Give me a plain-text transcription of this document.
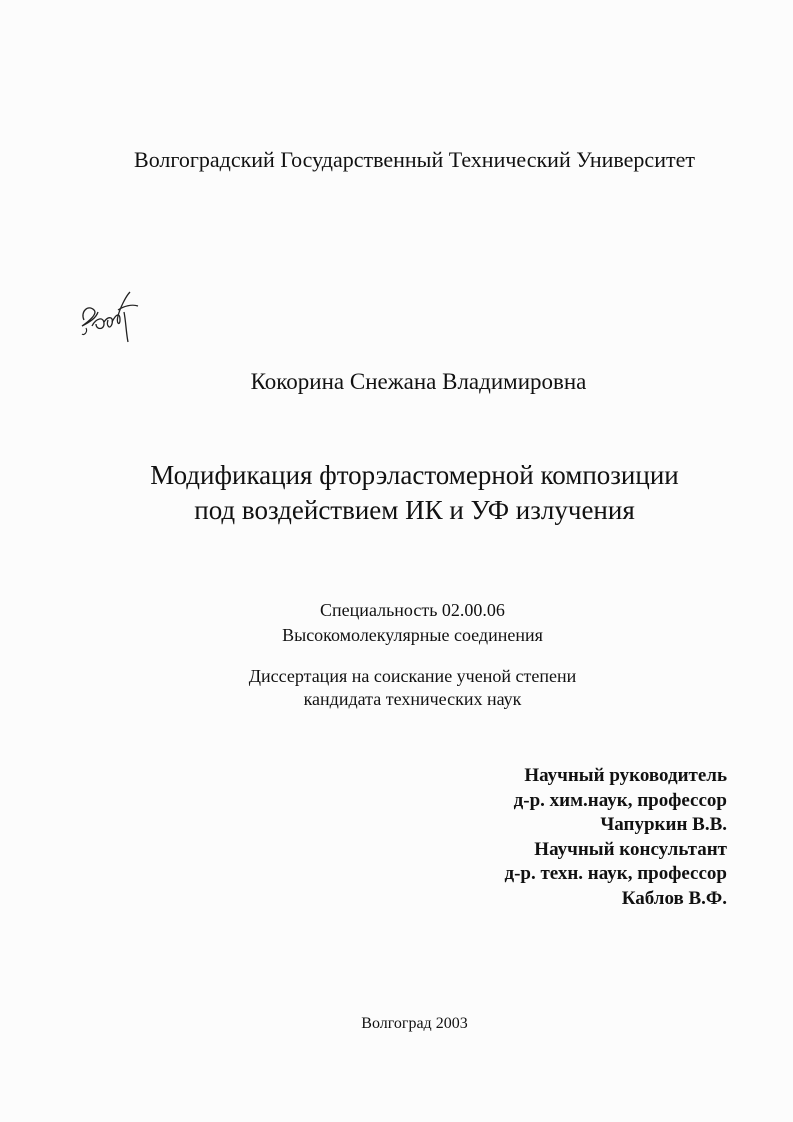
Волгоградский Государственный Технический Университет
Кокорина Снежана Владимировна
Модификация фторэластомерной композиции
под воздействием ИК и УФ излучения
Специальность 02.00.06
Высокомолекулярные соединения
Диссертация на соискание ученой степени
кандидата технических наук
Научный руководитель
д-р. хим.наук, профессор
Чапуркин В.В.
Научный консультант
д-р. техн. наук, профессор
Каблов В.Ф.
Волгоград 2003
